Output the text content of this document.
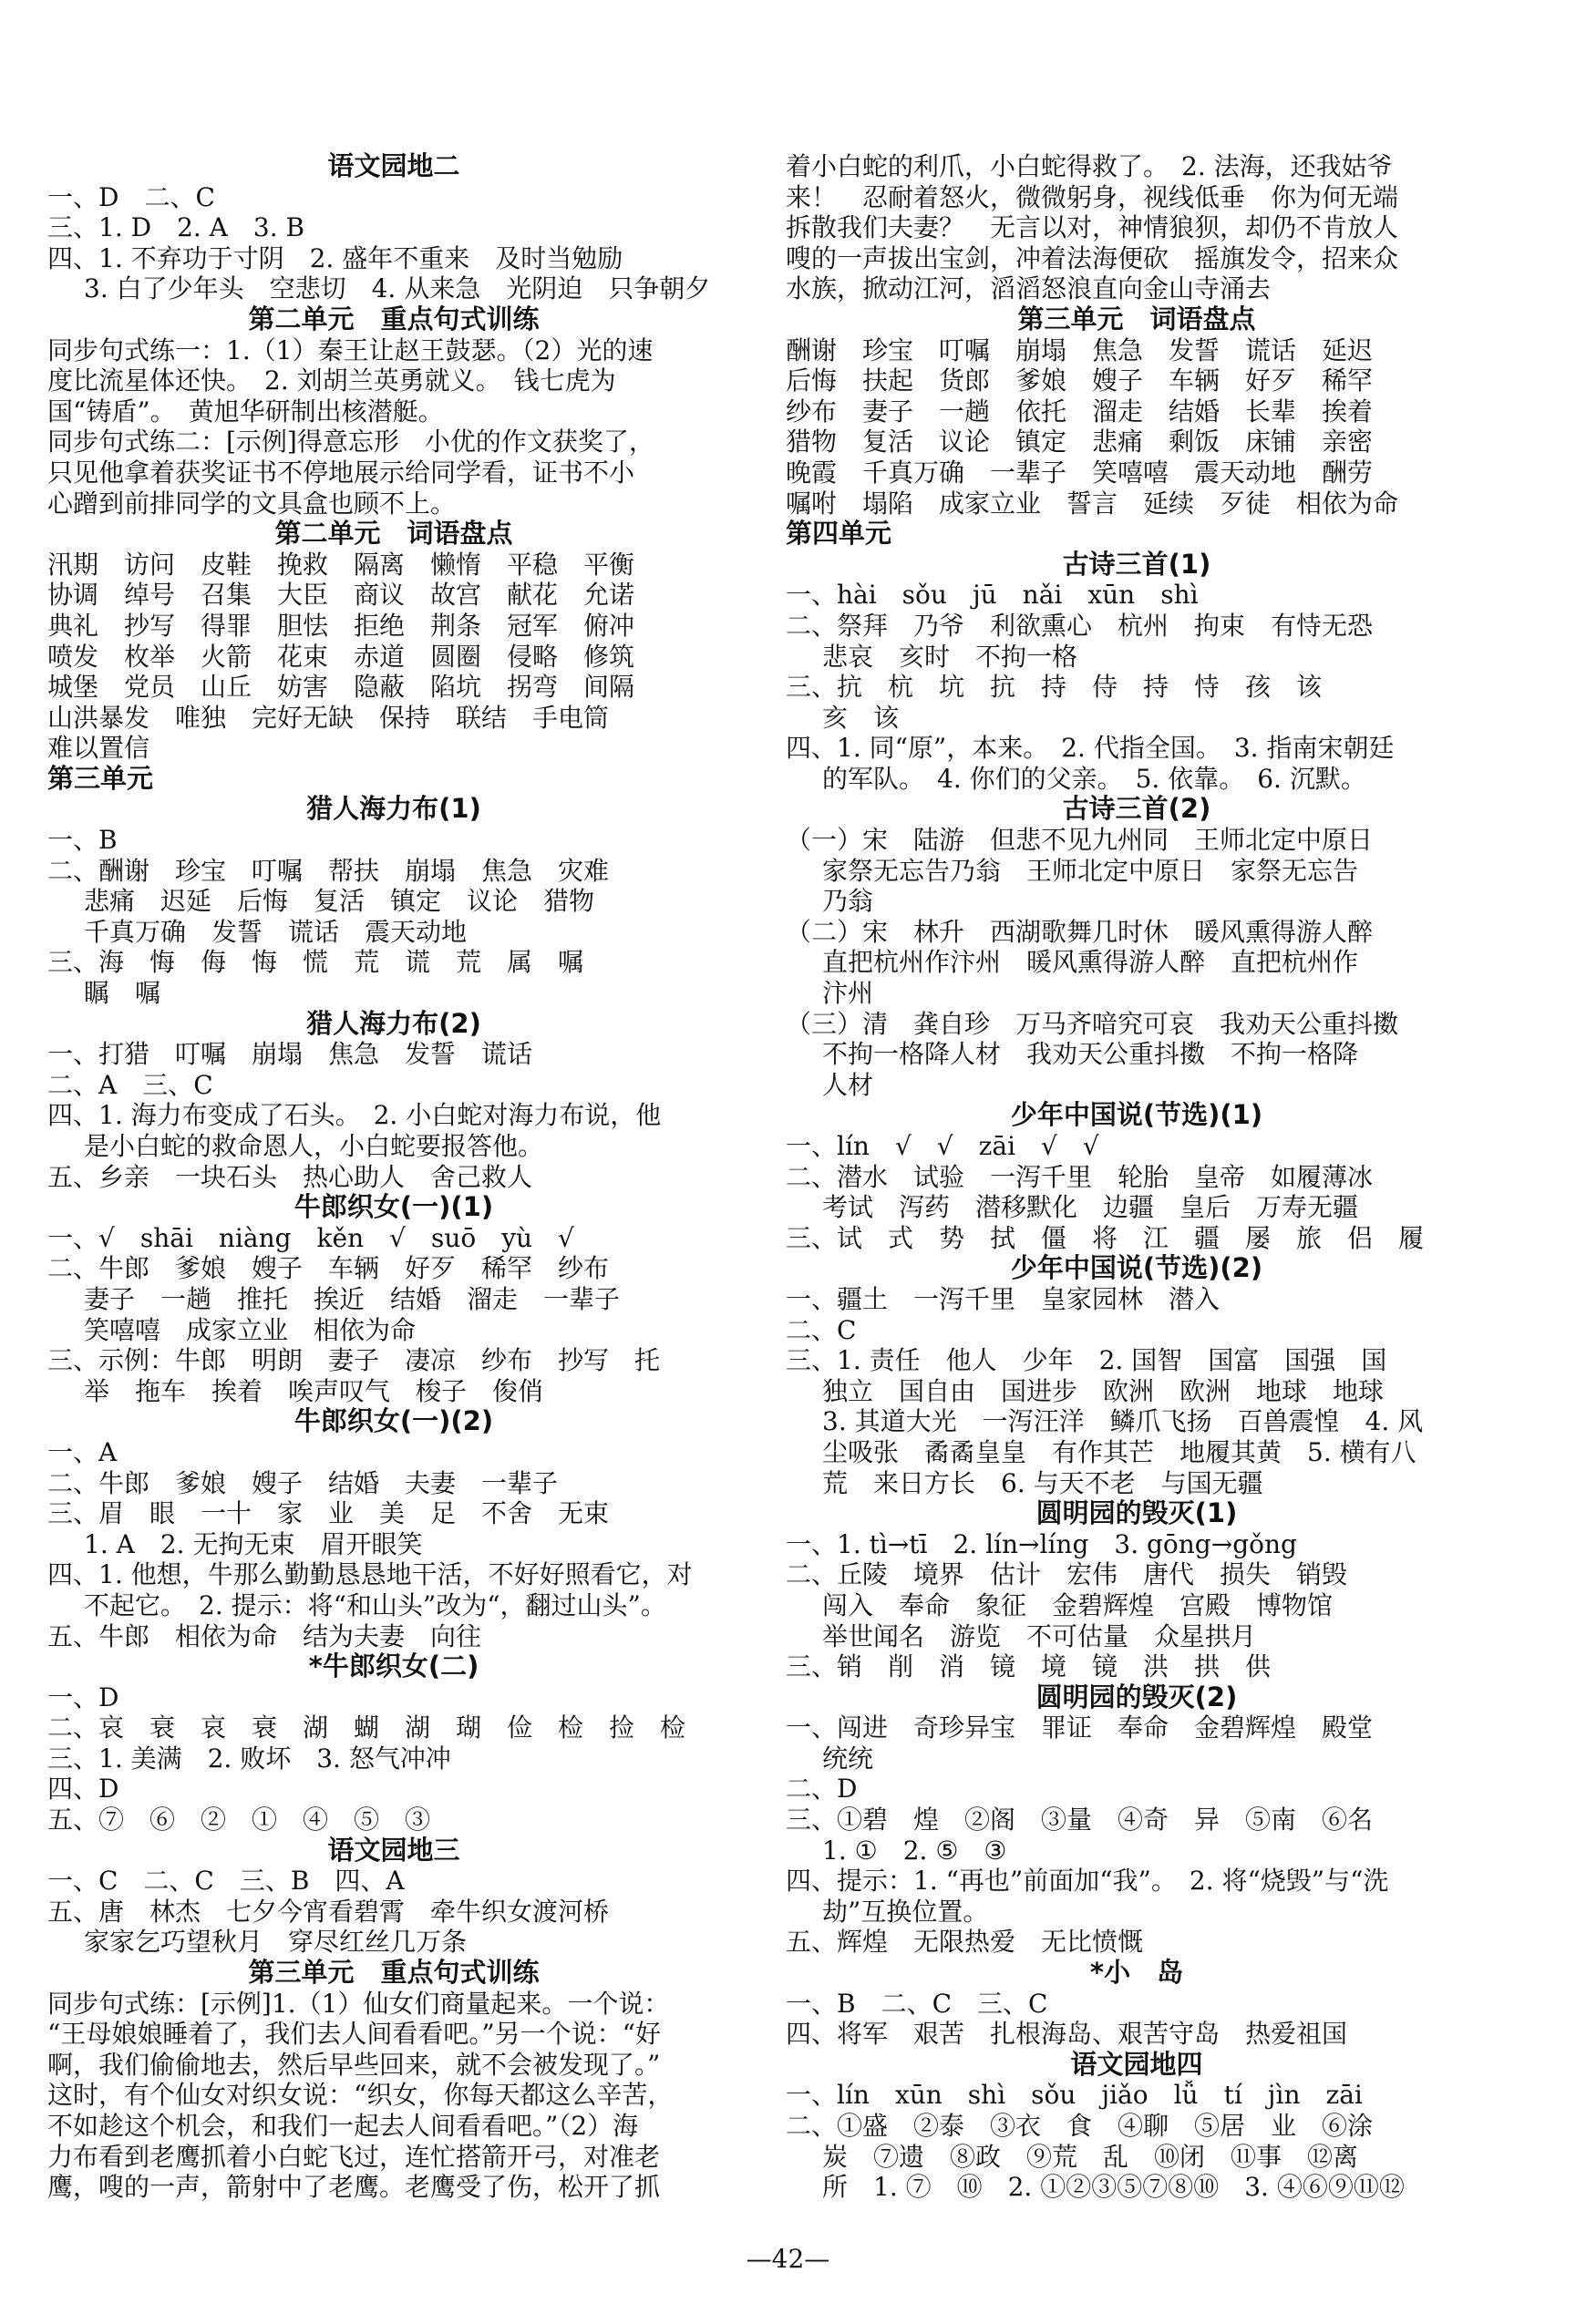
语文园地二
一、D　二、C
三、1. D　2. A　3. B
四、1. 不弃功于寸阴　2. 盛年不重来　及时当勉励
3. 白了少年头　空悲切　4. 从来急　光阴迫　只争朝夕
第二单元　重点句式训练
同步句式练一：1.（1）秦王让赵王鼓瑟。（2）光的速
度比流星体还快。　2. 刘胡兰英勇就义。　钱七虎为
国“铸盾”。　黄旭华研制出核潜艇。
同步句式练二：[示例]得意忘形　小优的作文获奖了，
只见他拿着获奖证书不停地展示给同学看，证书不小
心蹭到前排同学的文具盒也顾不上。
第二单元　词语盘点
汛期　访问　皮鞋　挽救　隔离　懒惰　平稳　平衡
协调　绰号　召集　大臣　商议　故宫　献花　允诺
典礼　抄写　得罪　胆怯　拒绝　荆条　冠军　俯冲
喷发　枚举　火箭　花束　赤道　圆圈　侵略　修筑
城堡　党员　山丘　妨害　隐蔽　陷坑　拐弯　间隔
山洪暴发　唯独　完好无缺　保持　联结　手电筒
难以置信
第三单元
猎人海力布(1)
一、B
二、酬谢　珍宝　叮嘱　帮扶　崩塌　焦急　灾难
悲痛　迟延　后悔　复活　镇定　议论　猎物
千真万确　发誓　谎话　震天动地
三、海　悔　侮　悔　慌　荒　谎　荒　属　嘱
瞩　嘱
猎人海力布(2)
一、打猎　叮嘱　崩塌　焦急　发誓　谎话
二、A　三、C
四、1. 海力布变成了石头。　2. 小白蛇对海力布说，他
是小白蛇的救命恩人，小白蛇要报答他。
五、乡亲　一块石头　热心助人　舍己救人
牛郎织女(一)(1)
一、√　shāi　niàng　kěn　√　suō　yù　√
二、牛郎　爹娘　嫂子　车辆　好歹　稀罕　纱布
妻子　一趟　推托　挨近　结婚　溜走　一辈子
笑嘻嘻　成家立业　相依为命
三、示例：牛郎　明朗　妻子　凄凉　纱布　抄写　托
举　拖车　挨着　唉声叹气　梭子　俊俏
牛郎织女(一)(2)
一、A
二、牛郎　爹娘　嫂子　结婚　夫妻　一辈子
三、眉　眼　一十　家　业　美　足　不舍　无束
1. A　2. 无拘无束　眉开眼笑
四、1. 他想，牛那么勤勤恳恳地干活，不好好照看它，对
不起它。　2. 提示：将“和山头”改为“，翻过山头”。
五、牛郎　相依为命　结为夫妻　向往
*牛郎织女(二)
一、D
二、哀　衰　哀　衰　湖　蝴　湖　瑚　俭　检　捡　检
三、1. 美满　2. 败坏　3. 怒气冲冲
四、D
五、⑦　⑥　②　①　④　⑤　③
语文园地三
一、C　二、C　三、B　四、A
五、唐　林杰　七夕今宵看碧霄　牵牛织女渡河桥
家家乞巧望秋月　穿尽红丝几万条
第三单元　重点句式训练
同步句式练：[示例]1.（1）仙女们商量起来。一个说：
“王母娘娘睡着了，我们去人间看看吧。”另一个说：“好
啊，我们偷偷地去，然后早些回来，就不会被发现了。”
这时，有个仙女对织女说：“织女，你每天都这么辛苦，
不如趁这个机会，和我们一起去人间看看吧。”（2）海
力布看到老鹰抓着小白蛇飞过，连忙搭箭开弓，对准老
鹰，嗖的一声，箭射中了老鹰。老鹰受了伤，松开了抓
着小白蛇的利爪，小白蛇得救了。　2. 法海，还我姑爷
来！　忍耐着怒火，微微躬身，视线低垂　你为何无端
拆散我们夫妻？　无言以对，神情狼狈，却仍不肯放人
嗖的一声拔出宝剑，冲着法海便砍　摇旗发令，招来众
水族，掀动江河，滔滔怒浪直向金山寺涌去
第三单元　词语盘点
酬谢　珍宝　叮嘱　崩塌　焦急　发誓　谎话　延迟
后悔　扶起　货郎　爹娘　嫂子　车辆　好歹　稀罕
纱布　妻子　一趟　依托　溜走　结婚　长辈　挨着
猎物　复活　议论　镇定　悲痛　剩饭　床铺　亲密
晚霞　千真万确　一辈子　笑嘻嘻　震天动地　酬劳
嘱咐　塌陷　成家立业　誓言　延续　歹徒　相依为命
第四单元
古诗三首(1)
一、hài　sǒu　jū　nǎi　xūn　shì
二、祭拜　乃爷　利欲熏心　杭州　拘束　有恃无恐
悲哀　亥时　不拘一格
三、抗　杭　坑　抗　持　侍　持　恃　孩　该
亥　该
四、1. 同“原”，本来。　2. 代指全国。　3. 指南宋朝廷
的军队。　4. 你们的父亲。　5. 依靠。　6. 沉默。
古诗三首(2)
（一）宋　陆游　但悲不见九州同　王师北定中原日
家祭无忘告乃翁　王师北定中原日　家祭无忘告
乃翁
（二）宋　林升　西湖歌舞几时休　暖风熏得游人醉
直把杭州作汴州　暖风熏得游人醉　直把杭州作
汴州
（三）清　龚自珍　万马齐喑究可哀　我劝天公重抖擞
不拘一格降人材　我劝天公重抖擞　不拘一格降
人材
少年中国说(节选)(1)
一、lín　√　√　zāi　√　√
二、潜水　试验　一泻千里　轮胎　皇帝　如履薄冰
考试　泻药　潜移默化　边疆　皇后　万寿无疆
三、试　式　势　拭　僵　将　江　疆　屡　旅　侣　履
少年中国说(节选)(2)
一、疆土　一泻千里　皇家园林　潜入
二、C
三、1. 责任　他人　少年　2. 国智　国富　国强　国
独立　国自由　国进步　欧洲　欧洲　地球　地球
3. 其道大光　一泻汪洋　鳞爪飞扬　百兽震惶　4. 风
尘吸张　矞矞皇皇　有作其芒　地履其黄　5. 横有八
荒　来日方长　6. 与天不老　与国无疆
圆明园的毁灭(1)
一、1. tì→tī　2. lín→líng　3. gōng→gǒng
二、丘陵　境界　估计　宏伟　唐代　损失　销毁
闯入　奉命　象征　金碧辉煌　宫殿　博物馆
举世闻名　游览　不可估量　众星拱月
三、销　削　消　镜　境　镜　洪　拱　供
圆明园的毁灭(2)
一、闯进　奇珍异宝　罪证　奉命　金碧辉煌　殿堂
统统
二、D
三、①碧　煌　②阁　③量　④奇　异　⑤南　⑥名
1. ①　2. ⑤　③
四、提示：1. “再也”前面加“我”。　2. 将“烧毁”与“洗
劫”互换位置。
五、辉煌　无限热爱　无比愤慨
*小　岛
一、B　二、C　三、C
四、将军　艰苦　扎根海岛、艰苦守岛　热爱祖国
语文园地四
一、lín　xūn　shì　sǒu　jiǎo　lǚ　tí　jìn　zāi
二、①盛　②泰　③衣　食　④聊　⑤居　业　⑥涂
炭　⑦遗　⑧政　⑨荒　乱　⑩闭　⑪事　⑫离
所　1. ⑦　⑩　2. ①②③⑤⑦⑧⑩　3. ④⑥⑨⑪⑫
—42—
